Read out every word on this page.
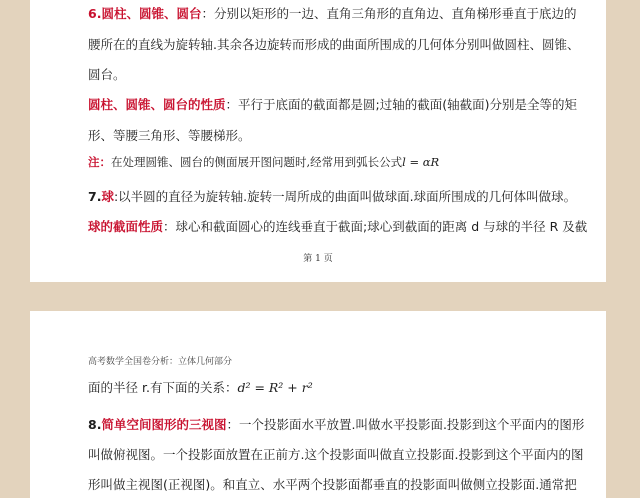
6.圆柱、圆锥、圆台：分别以矩形的一边、直角三角形的直角边、直角梯形垂直于底边的

腰所在的直线为旋转轴.其余各边旋转而形成的曲面所围成的几何体分别叫做圆柱、圆锥、

圆台。

圆柱、圆锥、圆台的性质：平行于底面的截面都是圆;过轴的截面(轴截面)分别是全等的矩

形、等腰三角形、等腰梯形。

注：在处理圆锥、圆台的侧面展开图问题时,经常用到弧长公式l = αR

7.球:以半圆的直径为旋转轴.旋转一周所成的曲面叫做球面.球面所围成的几何体叫做球。

球的截面性质：球心和截面圆心的连线垂直于截面;球心到截面的距离 d 与球的半径 R 及截

第 1 页
高考数学全国卷分析：立体几何部分

面的半径 r.有下面的关系：d² = R² + r²

8.简单空间图形的三视图：一个投影面水平放置.叫做水平投影面.投影到这个平面内的图形

叫做俯视图。一个投影面放置在正前方.这个投影面叫做直立投影面.投影到这个平面内的图

形叫做主视图(正视图)。和直立、水平两个投影面都垂直的投影面叫做侧立投影面.通常把
